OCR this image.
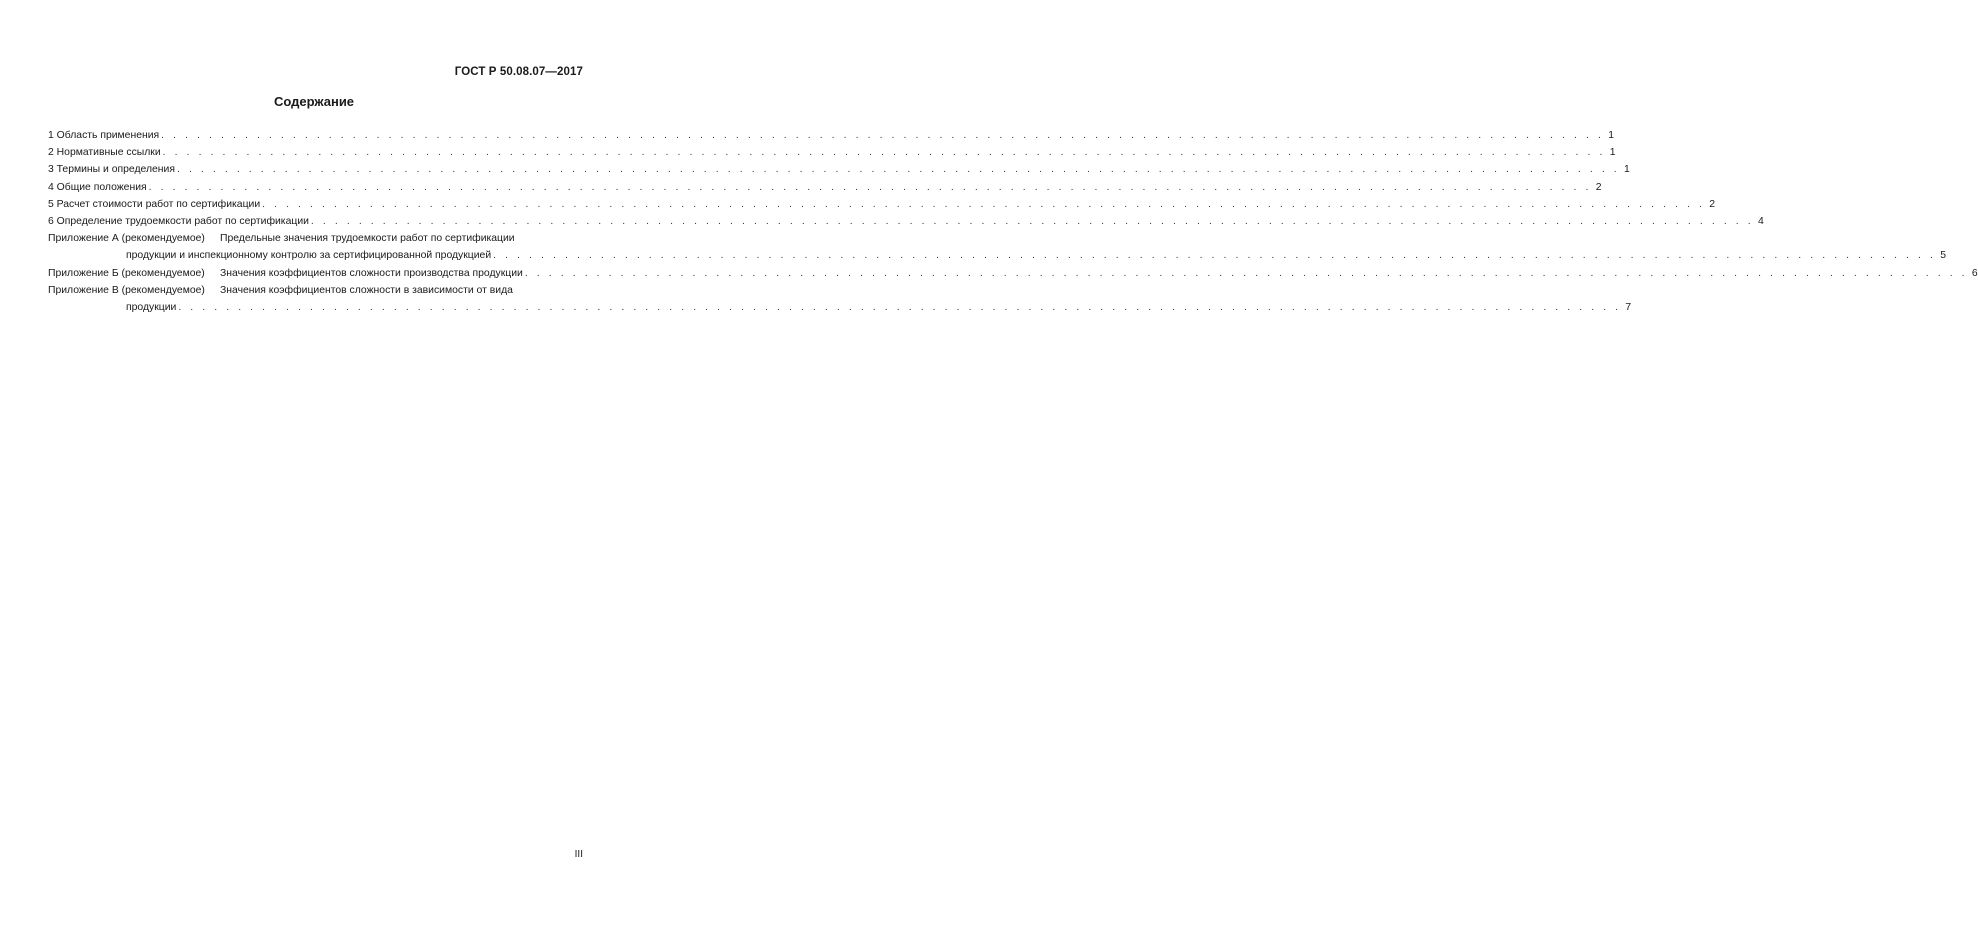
ГОСТ Р 50.08.07—2017
Содержание
1 Область применения . . .	1
2 Нормативные ссылки . . .	1
3 Термины и определения . . .	1
4 Общие положения . . .	2
5 Расчет стоимости работ по сертификации . . .	2
6 Определение трудоемкости работ по сертификации . . .	4
Приложение А (рекомендуемое)	Предельные значения трудоемкости работ по сертификации
продукции и инспекционному контролю за сертифицированной продукцией . . .	5
Приложение Б (рекомендуемое)	Значения коэффициентов сложности производства продукции . . .	6
Приложение В (рекомендуемое)	Значения коэффициентов сложности в зависимости от вида
продукции . . .	7
III
